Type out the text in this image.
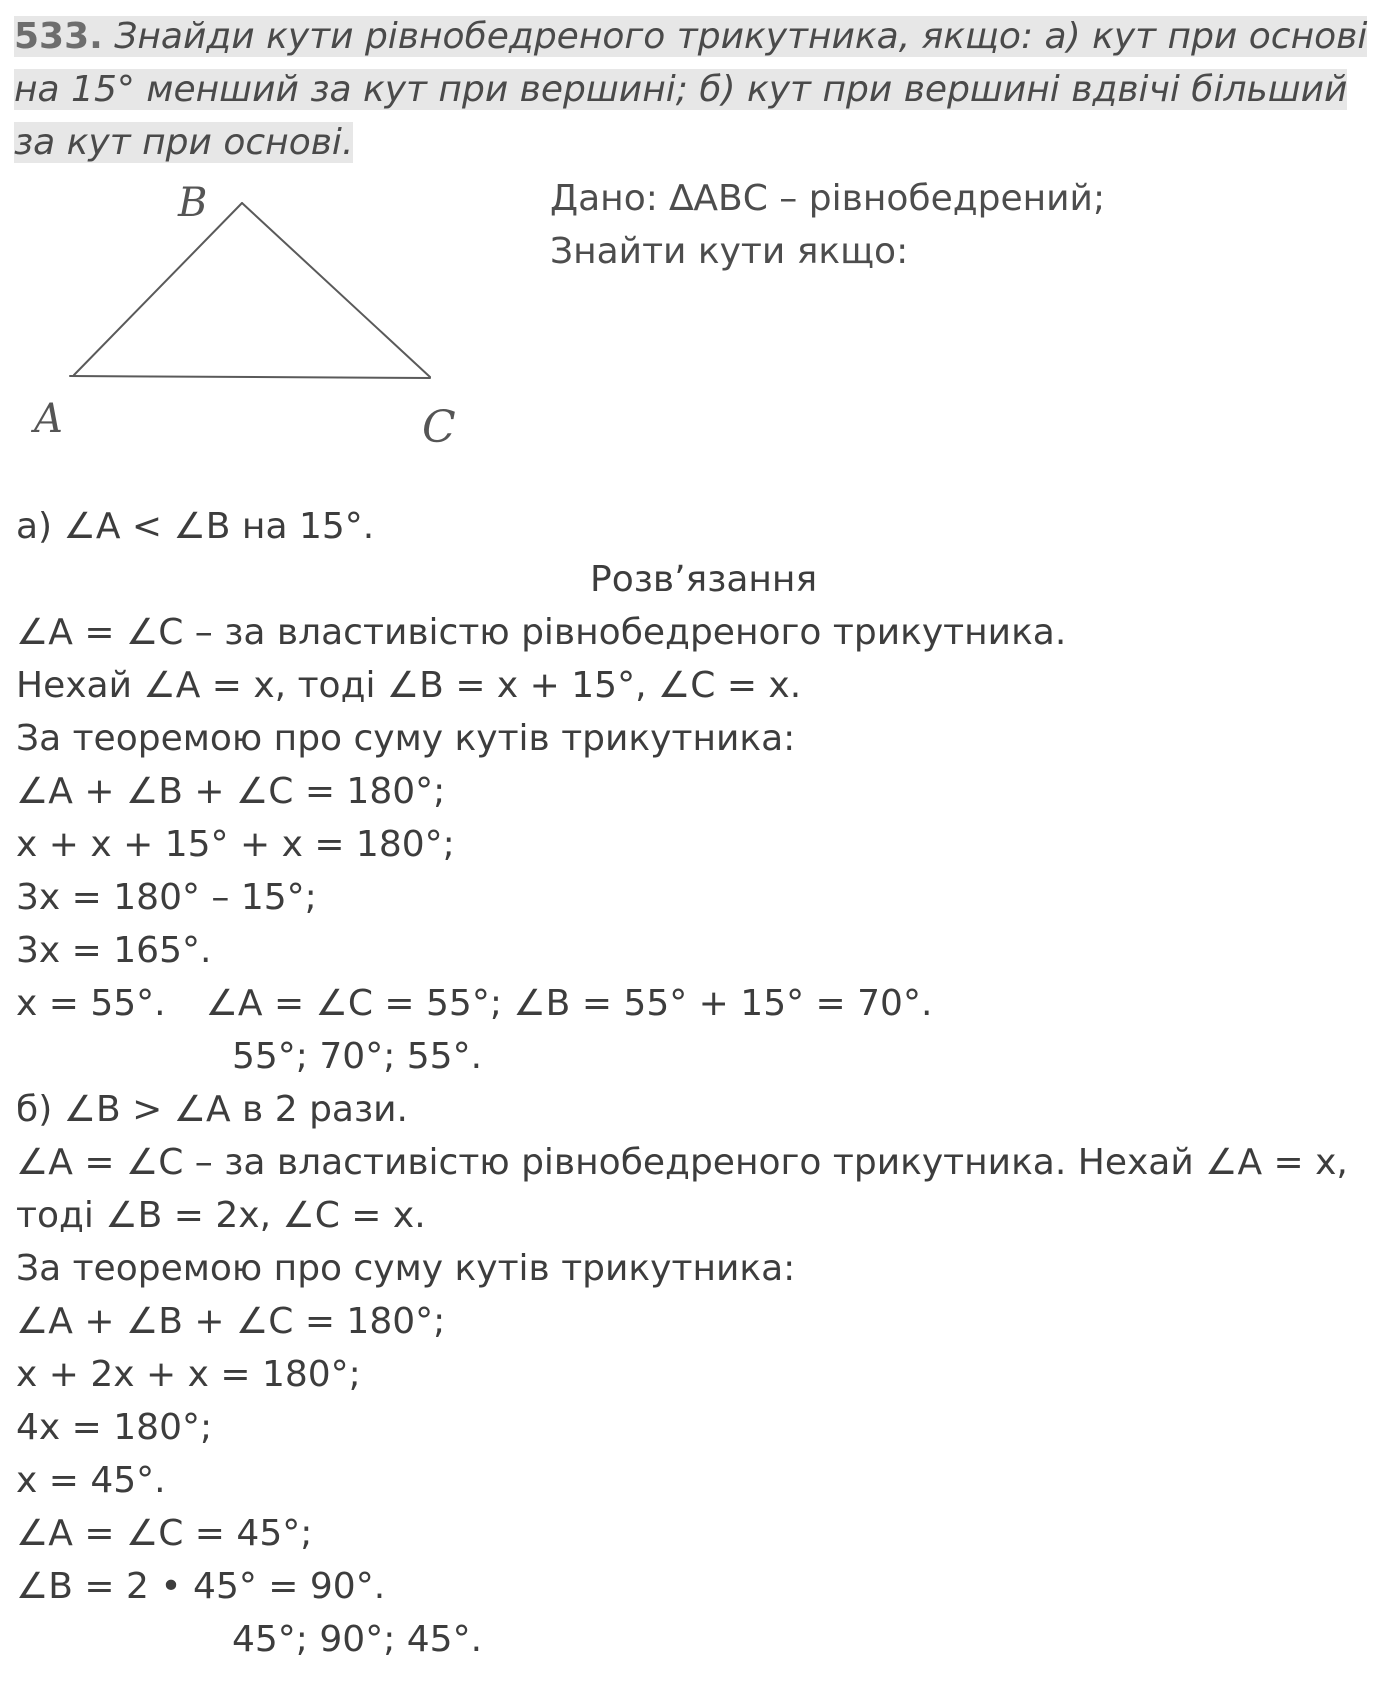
533. Знайди кути рівнобедреного трикутника, якщо: а) кут при основі на 15° менший за кут при вершині; б) кут при вершині вдвічі більший за кут при основі.
Дано: ∆АВС – рівнобедрений;
Знайти кути якщо:
B
A	C
а) ∠А < ∠В на 15°.
Розв’язання
∠А = ∠С – за властивістю рівнобедреного трикутника.
Нехай ∠А = х, тоді ∠В = х + 15°, ∠С = х.
За теоремою про суму кутів трикутника:
∠А + ∠В + ∠С = 180°;
х + х + 15° + х = 180°;
3х = 180° – 15°;
3х = 165°.
х = 55°. ∠А = ∠С = 55°; ∠В = 55° + 15° = 70°.
55°; 70°; 55°.
б) ∠В > ∠А в 2 рази.
∠А = ∠С – за властивістю рівнобедреного трикутника. Нехай ∠А = х,
тоді ∠В = 2х, ∠С = х.
За теоремою про суму кутів трикутника:
∠А + ∠В + ∠С = 180°;
х + 2х + х = 180°;
4х = 180°;
х = 45°.
∠А = ∠С = 45°;
∠В = 2 • 45° = 90°.
45°; 90°; 45°.
